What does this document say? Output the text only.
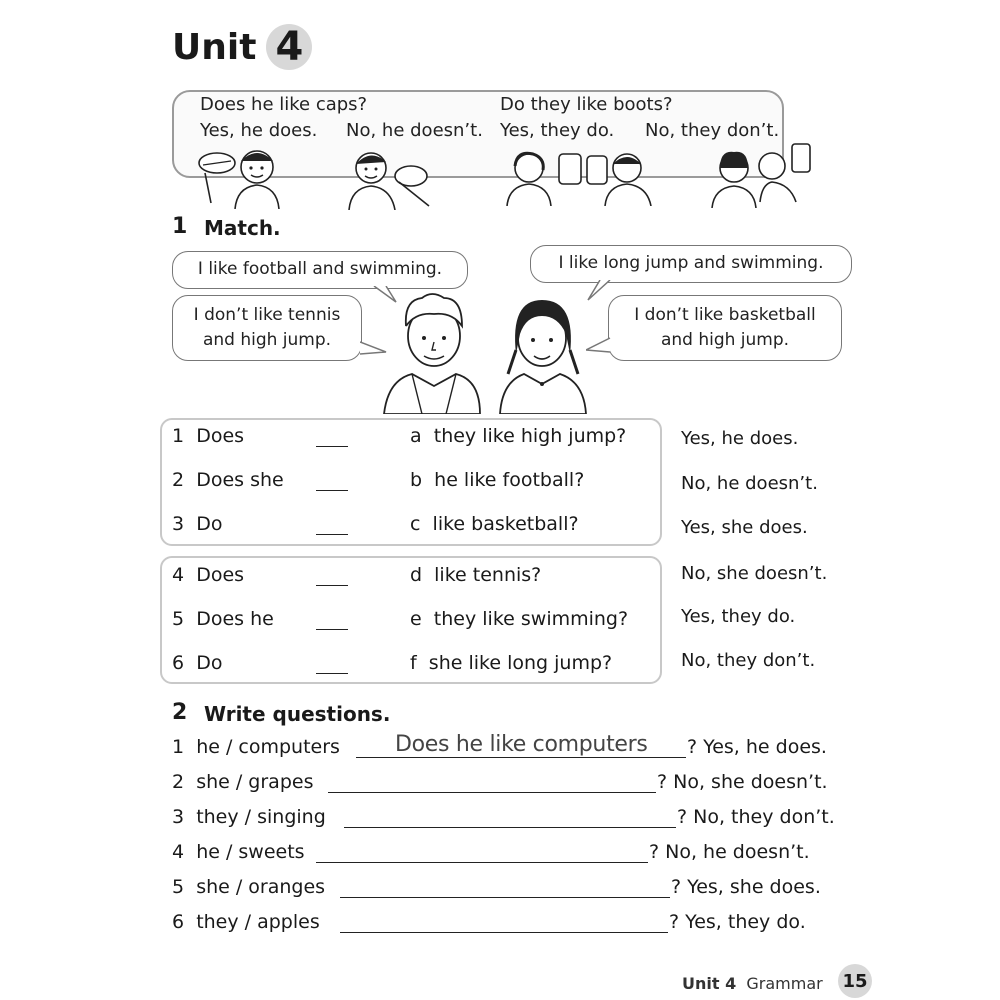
Unit 4
Does he like caps?
Yes, he does. No, he doesn’t.
Do they like boots?
Yes, they do. No, they don’t.
1 Match.
I like football and swimming.
I don’t like tennis
and high jump.
I like long jump and swimming.
I don’t like basketball
and high jump.
1 Does	a they like high jump?
2 Does she	b he like football?
3 Do	c like basketball?
4 Does	d like tennis?
5 Does he	e they like swimming?
6 Do	f she like long jump?
Yes, he does.
No, he doesn’t.
Yes, she does.
No, she doesn’t.
Yes, they do.
No, they don’t.
2 Write questions.
1 he / computers	Does he like computers ? Yes, he does.
2 she / grapes	? No, she doesn’t.
3 they / singing	? No, they don’t.
4 he / sweets	? No, he doesn’t.
5 she / oranges	? Yes, she does.
6 they / apples	? Yes, they do.
Unit 4 Grammar 15
